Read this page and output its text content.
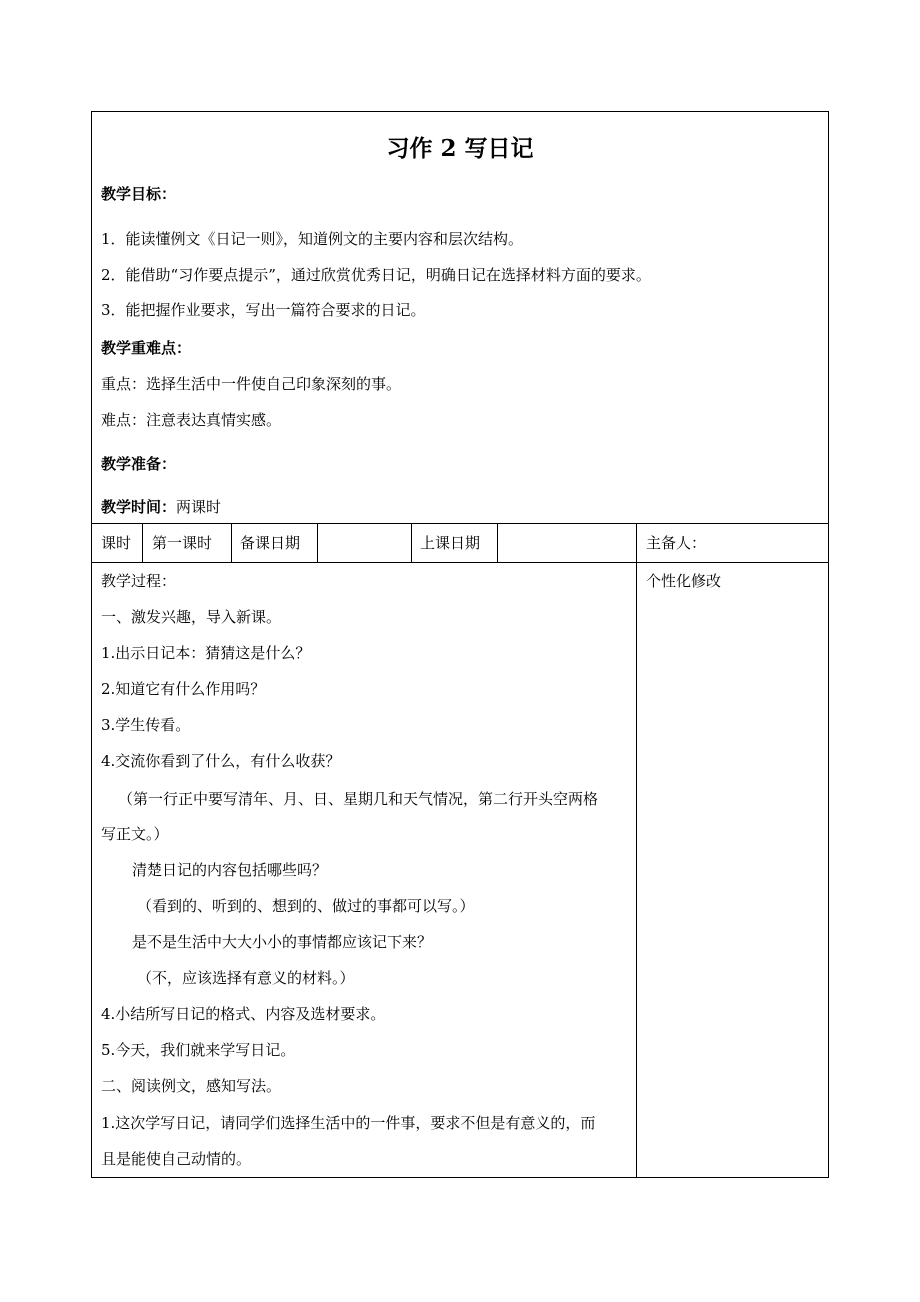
习作 2 写日记
教学目标：
1．能读懂例文《日记一则》，知道例文的主要内容和层次结构。
2．能借助“习作要点提示”，通过欣赏优秀日记，明确日记在选择材料方面的要求。
3．能把握作业要求，写出一篇符合要求的日记。
教学重难点：
重点：选择生活中一件使自己印象深刻的事。
难点：注意表达真情实感。
教学准备：
教学时间：两课时
课时 第一课时 备课日期	上课日期	主备人：
个性化修改
教学过程：
一、激发兴趣，导入新课。
1.出示日记本：猜猜这是什么？
2.知道它有什么作用吗？
3.学生传看。
4.交流你看到了什么，有什么收获？
（第一行正中要写清年、月、日、星期几和天气情况，第二行开头空两格
写正文。）
清楚日记的内容包括哪些吗？
（看到的、听到的、想到的、做过的事都可以写。）
是不是生活中大大小小的事情都应该记下来？
（不，应该选择有意义的材料。）
4.小结所写日记的格式、内容及选材要求。
5.今天，我们就来学写日记。
二、阅读例文，感知写法。
1.这次学写日记，请同学们选择生活中的一件事，要求不但是有意义的，而
且是能使自己动情的。
